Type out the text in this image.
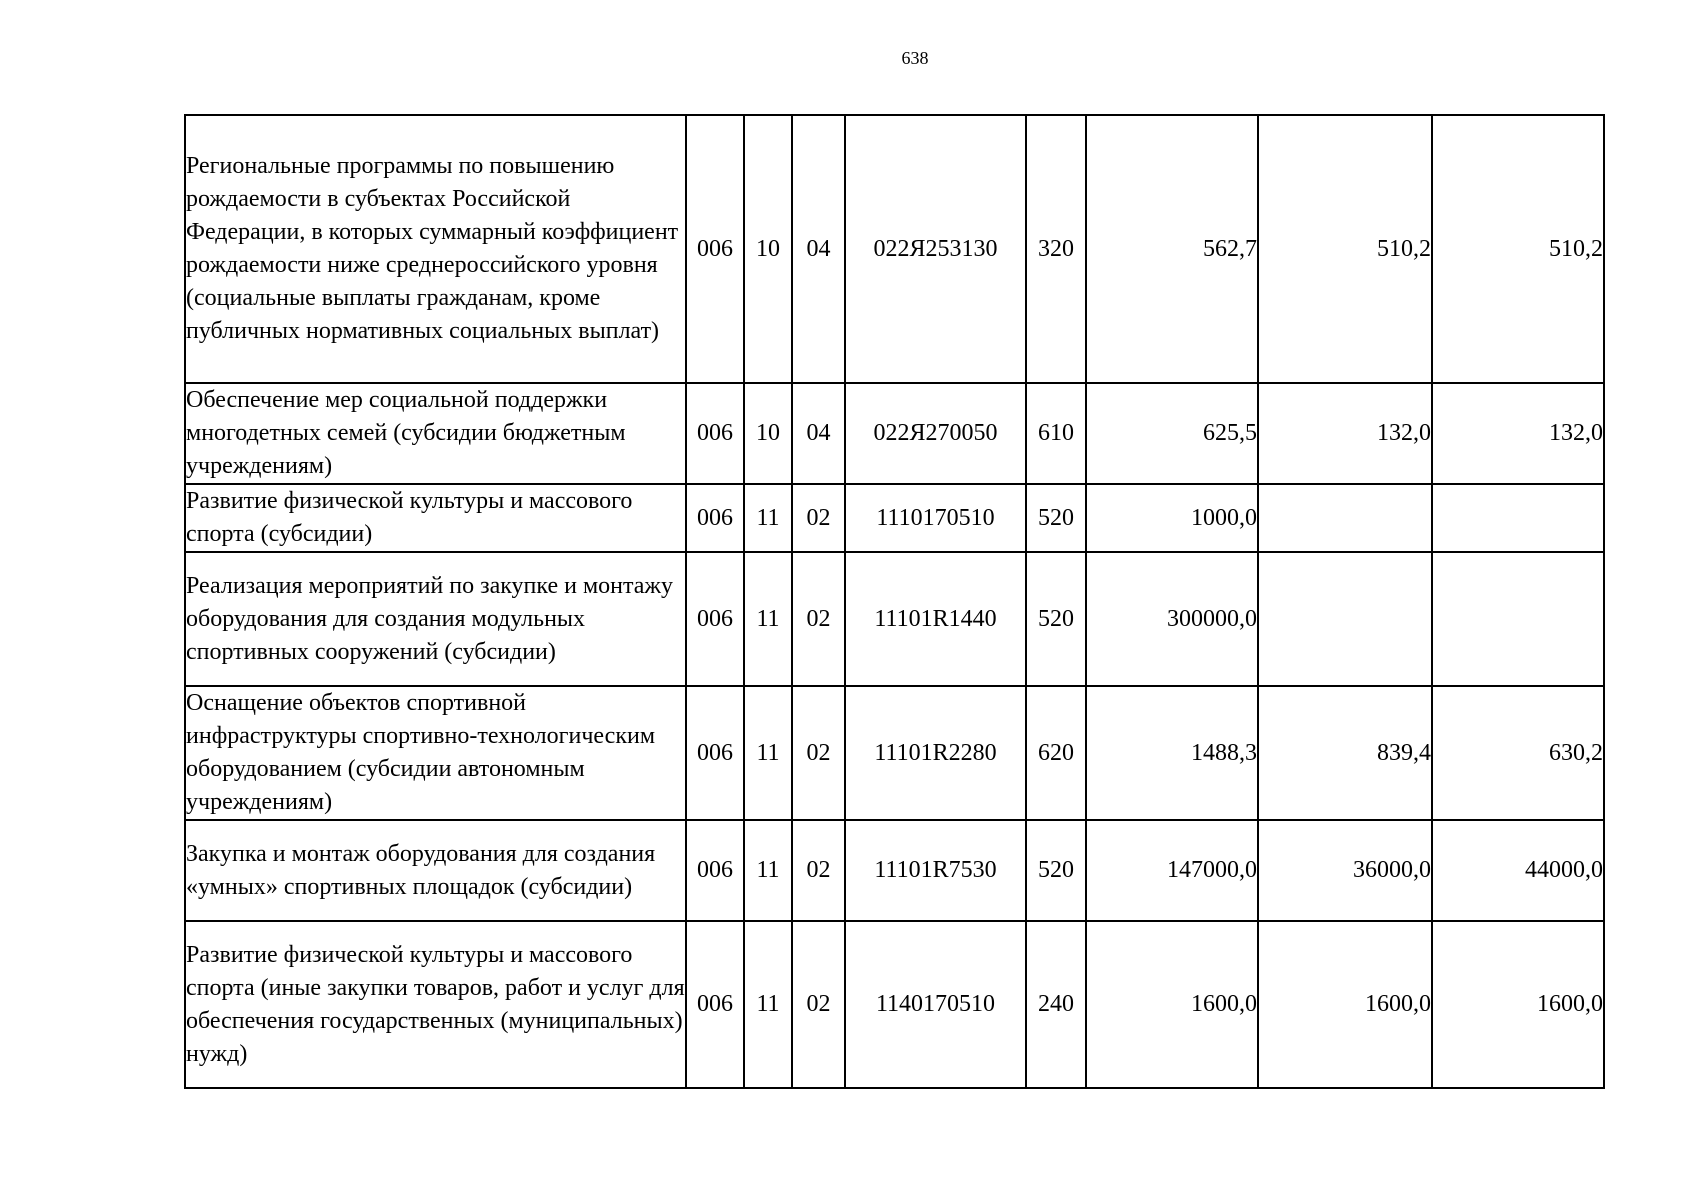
638
Региональные программы по повышению рождаемости в субъектах Российской Федерации, в которых суммарный коэффициент рождаемости ниже среднероссийского уровня (социальные выплаты гражданам, кроме публичных нормативных социальных выплат)	006	10	04	022Я253130	320	562,7	510,2	510,2
Обеспечение мер социальной поддержки многодетных семей (субсидии бюджетным учреждениям)	006	10	04	022Я270050	610	625,5	132,0	132,0
Развитие физической культуры и массового спорта (субсидии)	006	11	02	1110170510	520	1000,0		
Реализация мероприятий по закупке и монтажу оборудования для создания модульных спортивных сооружений (субсидии)	006	11	02	11101R1440	520	300000,0		
Оснащение объектов спортивной инфраструктуры спортивно-технологическим оборудованием (субсидии автономным учреждениям)	006	11	02	11101R2280	620	1488,3	839,4	630,2
Закупка и монтаж оборудования для создания «умных» спортивных площадок (субсидии)	006	11	02	11101R7530	520	147000,0	36000,0	44000,0
Развитие физической культуры и массового спорта (иные закупки товаров, работ и услуг для обеспечения государственных (муниципальных) нужд)	006	11	02	1140170510	240	1600,0	1600,0	1600,0
